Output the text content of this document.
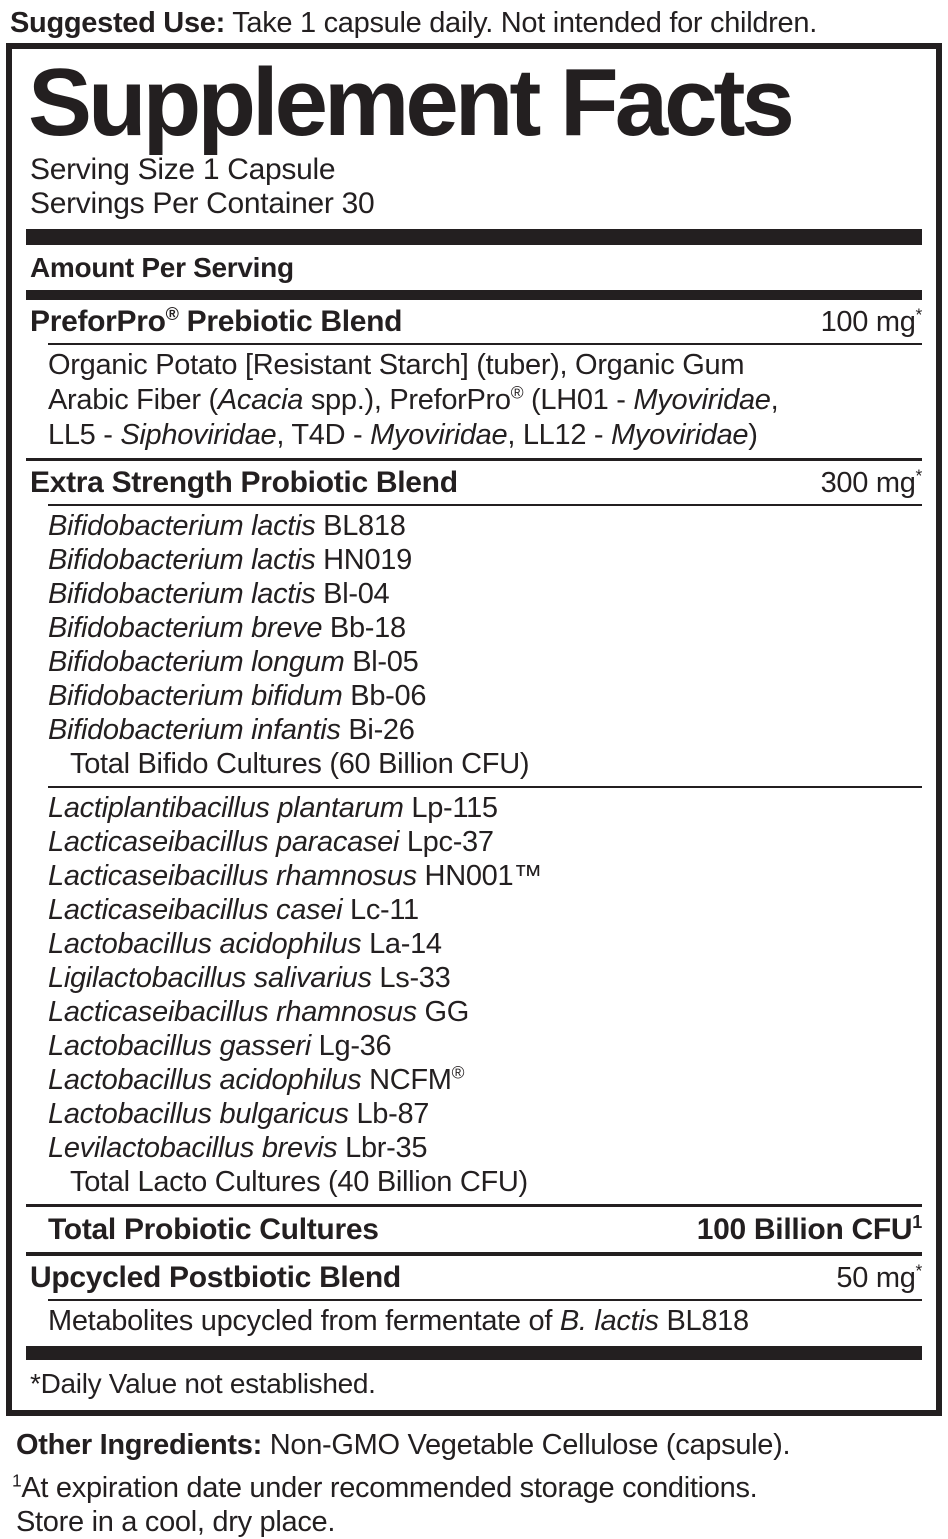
Suggested Use: Take 1 capsule daily. Not intended for children.
Supplement Facts
Serving Size 1 Capsule
Servings Per Container 30
Amount Per Serving
PreforPro® Prebiotic Blend	100 mg*
Organic Potato [Resistant Starch] (tuber), Organic Gum
Arabic Fiber (Acacia spp.), PreforPro® (LH01 - Myoviridae,
LL5 - Siphoviridae, T4D - Myoviridae, LL12 - Myoviridae)
Extra Strength Probiotic Blend	300 mg*
Bifidobacterium lactis BL818
Bifidobacterium lactis HN019
Bifidobacterium lactis Bl-04
Bifidobacterium breve Bb-18
Bifidobacterium longum Bl-05
Bifidobacterium bifidum Bb-06
Bifidobacterium infantis Bi-26
Total Bifido Cultures (60 Billion CFU)
Lactiplantibacillus plantarum Lp-115
Lacticaseibacillus paracasei Lpc-37
Lacticaseibacillus rhamnosus HN001™
Lacticaseibacillus casei Lc-11
Lactobacillus acidophilus La-14
Ligilactobacillus salivarius Ls-33
Lacticaseibacillus rhamnosus GG
Lactobacillus gasseri Lg-36
Lactobacillus acidophilus NCFM®
Lactobacillus bulgaricus Lb-87
Levilactobacillus brevis Lbr-35
Total Lacto Cultures (40 Billion CFU)
Total Probiotic Cultures	100 Billion CFU$^1$
Upcycled Postbiotic Blend	50 mg*
Metabolites upcycled from fermentate of B. lactis BL818
*Daily Value not established.
Other Ingredients: Non-GMO Vegetable Cellulose (capsule).
$^1$At expiration date under recommended storage conditions.
Store in a cool, dry place.
